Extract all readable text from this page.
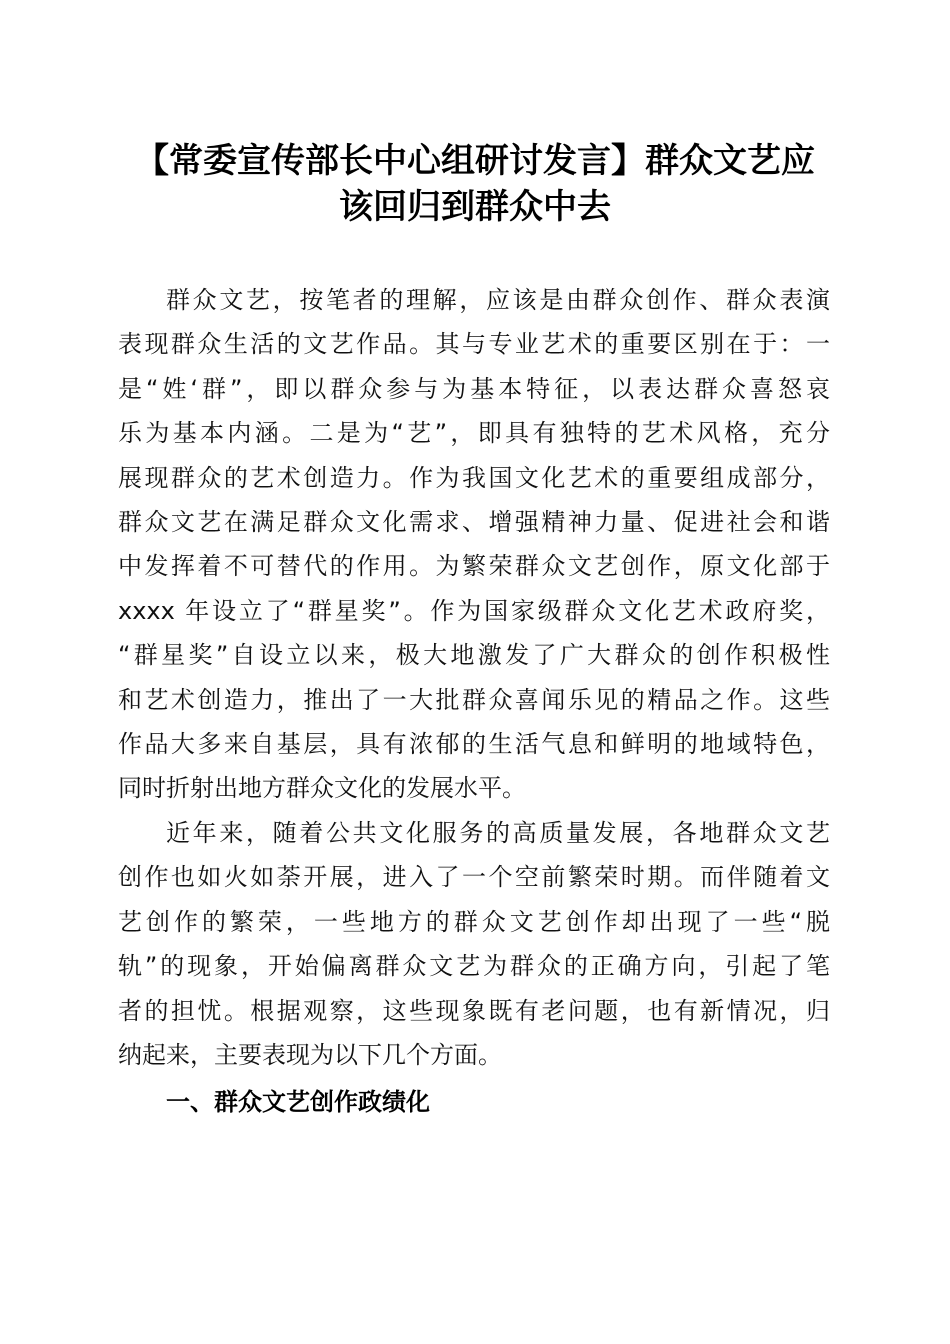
【常委宣传部长中心组研讨发言】群众文艺应
该回归到群众中去

群众文艺，按笔者的理解，应该是由群众创作、群众表演
表现群众生活的文艺作品。其与专业艺术的重要区别在于：一
是“姓‘群”，即以群众参与为基本特征，以表达群众喜怒哀
乐为基本内涵。二是为“艺”，即具有独特的艺术风格，充分
展现群众的艺术创造力。作为我国文化艺术的重要组成部分，
群众文艺在满足群众文化需求、增强精神力量、促进社会和谐
中发挥着不可替代的作用。为繁荣群众文艺创作，原文化部于
xxxx 年设立了“群星奖”。作为国家级群众文化艺术政府奖，
“群星奖”自设立以来，极大地激发了广大群众的创作积极性
和艺术创造力，推出了一大批群众喜闻乐见的精品之作。这些
作品大多来自基层，具有浓郁的生活气息和鲜明的地域特色，
同时折射出地方群众文化的发展水平。

近年来，随着公共文化服务的高质量发展，各地群众文艺
创作也如火如荼开展，进入了一个空前繁荣时期。而伴随着文
艺创作的繁荣，一些地方的群众文艺创作却出现了一些“脱
轨”的现象，开始偏离群众文艺为群众的正确方向，引起了笔
者的担忧。根据观察，这些现象既有老问题，也有新情况，归
纳起来，主要表现为以下几个方面。

一、群众文艺创作政绩化
